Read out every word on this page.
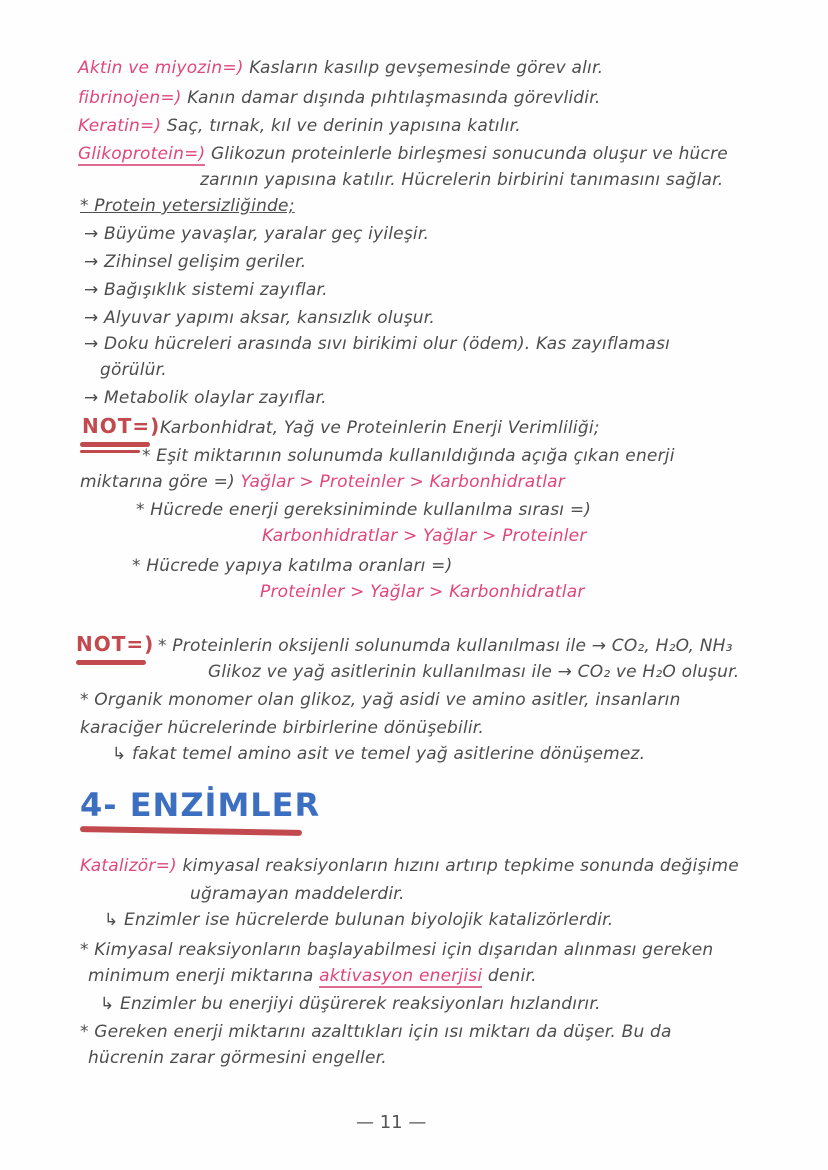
Aktin ve miyozin=) Kasların kasılıp gevşemesinde görev alır.
fibrinojen=) Kanın damar dışında pıhtılaşmasında görevlidir.
Keratin=) Saç, tırnak, kıl ve derinin yapısına katılır.
Glikoprotein=) Glikozun proteinlerle birleşmesi sonucunda oluşur ve hücre
zarının yapısına katılır. Hücrelerin birbirini tanımasını sağlar.
* Protein yetersizliğinde;
→ Büyüme yavaşlar, yaralar geç iyileşir.
→ Zihinsel gelişim geriler.
→ Bağışıklık sistemi zayıflar.
→ Alyuvar yapımı aksar, kansızlık oluşur.
→ Doku hücreleri arasında sıvı birikimi olur (ödem). Kas zayıflaması
görülür.
→ Metabolik olaylar zayıflar.
NOT=) Karbonhidrat, Yağ ve Proteinlerin Enerji Verimliliği;
* Eşit miktarının solunumda kullanıldığında açığa çıkan enerji
miktarına göre =) Yağlar > Proteinler > Karbonhidratlar
* Hücrede enerji gereksiniminde kullanılma sırası =)
Karbonhidratlar > Yağlar > Proteinler
* Hücrede yapıya katılma oranları =)
Proteinler > Yağlar > Karbonhidratlar
NOT=) * Proteinlerin oksijenli solunumda kullanılması ile → CO₂, H₂O, NH₃
Glikoz ve yağ asitlerinin kullanılması ile → CO₂ ve H₂O oluşur.
* Organik monomer olan glikoz, yağ asidi ve amino asitler, insanların
karaciğer hücrelerinde birbirlerine dönüşebilir.
↳ fakat temel amino asit ve temel yağ asitlerine dönüşemez.
4- ENZİMLER
Katalizör=) kimyasal reaksiyonların hızını artırıp tepkime sonunda değişime
uğramayan maddelerdir.
↳ Enzimler ise hücrelerde bulunan biyolojik katalizörlerdir.
* Kimyasal reaksiyonların başlayabilmesi için dışarıdan alınması gereken
minimum enerji miktarına aktivasyon enerjisi denir.
↳ Enzimler bu enerjiyi düşürerek reaksiyonları hızlandırır.
* Gereken enerji miktarını azalttıkları için ısı miktarı da düşer. Bu da
hücrenin zarar görmesini engeller.
— 11 —
